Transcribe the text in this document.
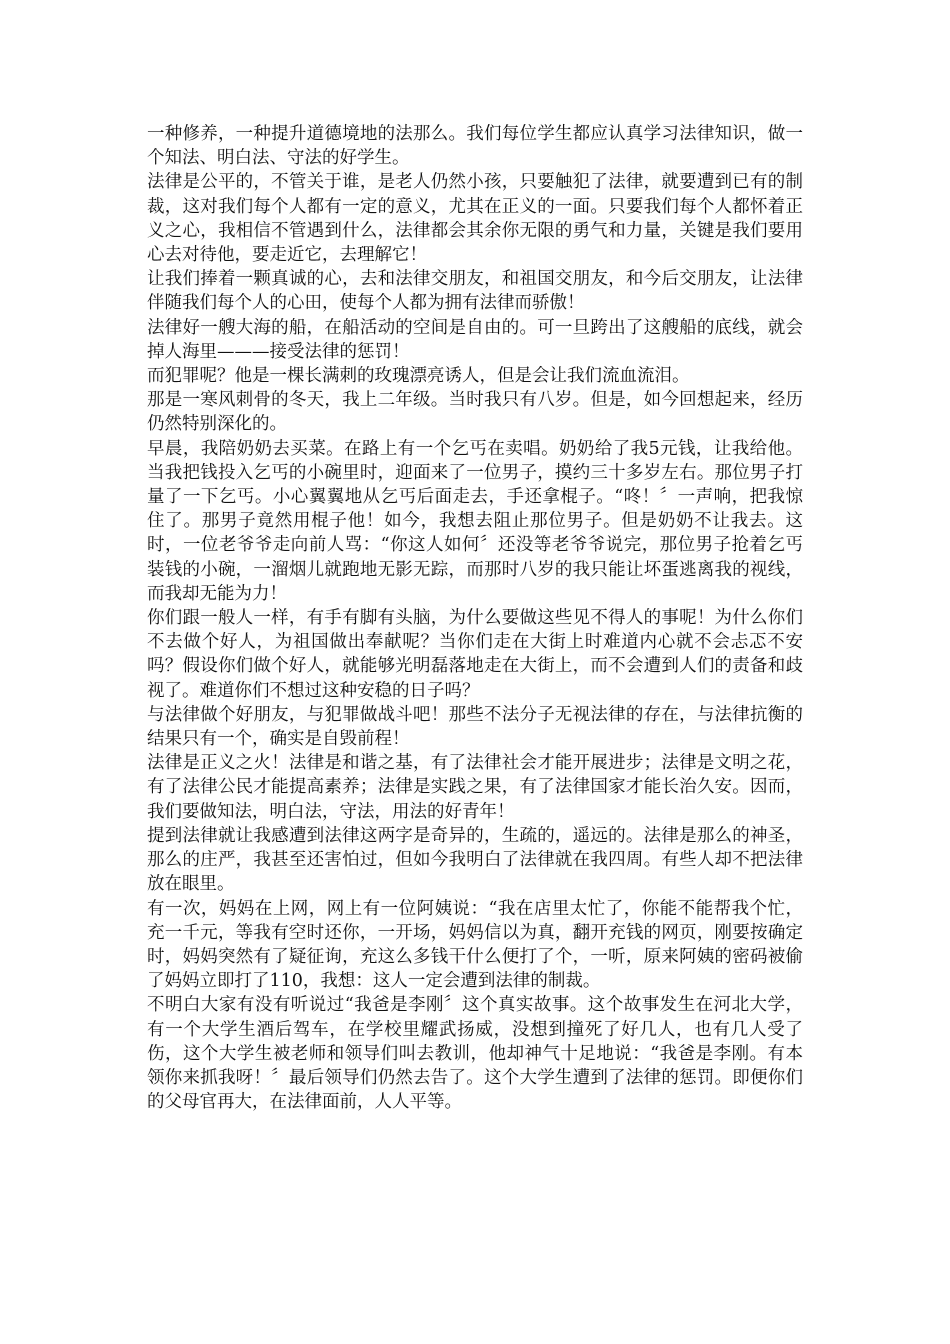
一种修养，一种提升道德境地的法那么。我们每位学生都应认真学习法律知识，做一个知法、明白法、守法的好学生。

法律是公平的，不管关于谁，是老人仍然小孩，只要触犯了法律，就要遭到已有的制裁，这对我们每个人都有一定的意义，尤其在正义的一面。只要我们每个人都怀着正义之心，我相信不管遇到什么，法律都会其余你无限的勇气和力量，关键是我们要用心去对待他，要走近它，去理解它！

让我们捧着一颗真诚的心，去和法律交朋友，和祖国交朋友，和今后交朋友，让法律伴随我们每个人的心田，使每个人都为拥有法律而骄傲！

法律好一艘大海的船，在船活动的空间是自由的。可一旦跨出了这艘船的底线，就会掉人海里———接受法律的惩罚！

而犯罪呢？他是一棵长满刺的玫瑰漂亮诱人，但是会让我们流血流泪。

那是一寒风刺骨的冬天，我上二年级。当时我只有八岁。但是，如今回想起来，经历仍然特别深化的。

早晨，我陪奶奶去买菜。在路上有一个乞丐在卖唱。奶奶给了我5元钱，让我给他。当我把钱投入乞丐的小碗里时，迎面来了一位男子，摸约三十多岁左右。那位男子打量了一下乞丐。小心翼翼地从乞丐后面走去，手还拿棍子。“咚！〞一声响，把我惊住了。那男子竟然用棍子他！如今，我想去阻止那位男子。但是奶奶不让我去。这时，一位老爷爷走向前人骂：“你这人如何〞还没等老爷爷说完，那位男子抢着乞丐装钱的小碗，一溜烟儿就跑地无影无踪，而那时八岁的我只能让坏蛋逃离我的视线，而我却无能为力！

你们跟一般人一样，有手有脚有头脑，为什么要做这些见不得人的事呢！为什么你们不去做个好人，为祖国做出奉献呢？当你们走在大街上时难道内心就不会忐忑不安吗？假设你们做个好人，就能够光明磊落地走在大街上，而不会遭到人们的责备和歧视了。难道你们不想过这种安稳的日子吗？

与法律做个好朋友，与犯罪做战斗吧！那些不法分子无视法律的存在，与法律抗衡的结果只有一个，确实是自毁前程！

法律是正义之火！法律是和谐之基，有了法律社会才能开展进步；法律是文明之花，有了法律公民才能提高素养；法律是实践之果，有了法律国家才能长治久安。因而，我们要做知法，明白法，守法，用法的好青年！

提到法律就让我感遭到法律这两字是奇异的，生疏的，遥远的。法律是那么的神圣，那么的庄严，我甚至还害怕过，但如今我明白了法律就在我四周。有些人却不把法律放在眼里。

有一次，妈妈在上网，网上有一位阿姨说：“我在店里太忙了，你能不能帮我个忙，充一千元，等我有空时还你，一开场，妈妈信以为真，翻开充钱的网页，刚要按确定时，妈妈突然有了疑征询，充这么多钱干什么便打了个，一听，原来阿姨的密码被偷了妈妈立即打了110，我想：这人一定会遭到法律的制裁。

不明白大家有没有听说过“我爸是李刚〞这个真实故事。这个故事发生在河北大学，有一个大学生酒后驾车，在学校里耀武扬威，没想到撞死了好几人，也有几人受了伤，这个大学生被老师和领导们叫去教训，他却神气十足地说：“我爸是李刚。有本领你来抓我呀！〞最后领导们仍然去告了。这个大学生遭到了法律的惩罚。即便你们的父母官再大，在法律面前，人人平等。
